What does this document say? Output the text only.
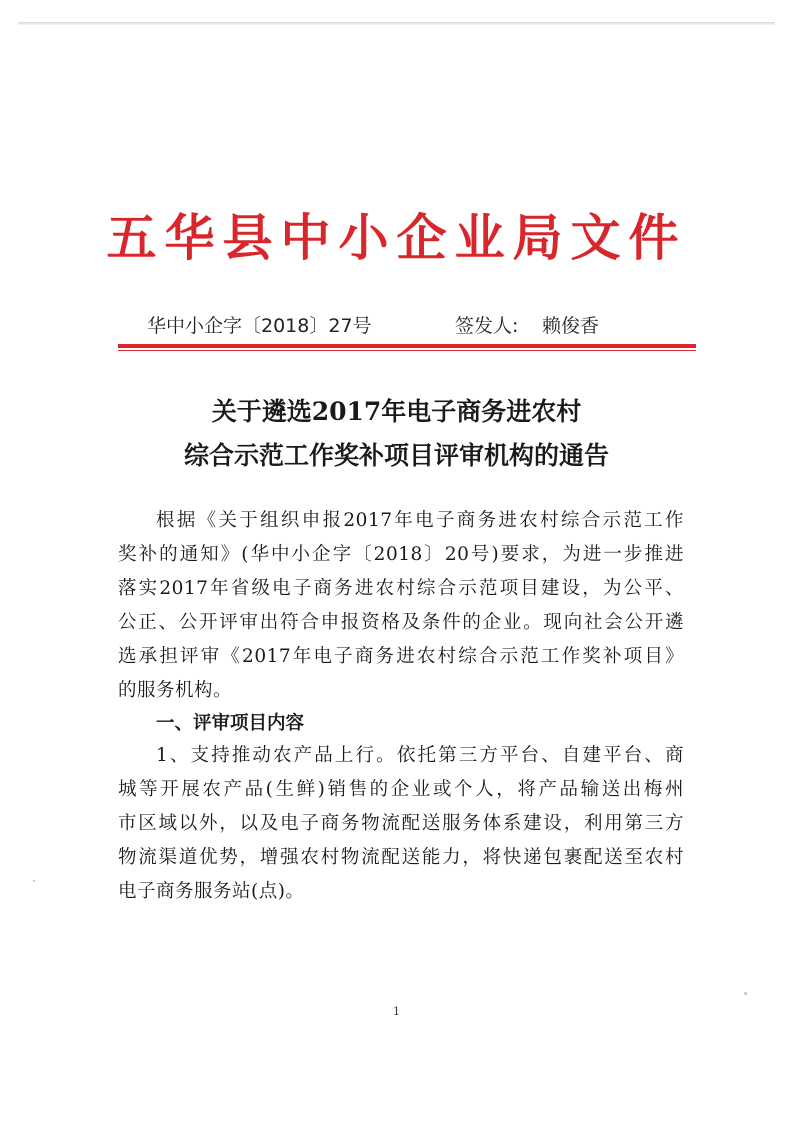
五华县中小企业局文件
华中小企字〔2018〕27号	签发人: 赖俊香
关于遴选2017年电子商务进农村
综合示范工作奖补项目评审机构的通告
根据《关于组织申报2017年电子商务进农村综合示范工作
奖补的通知》(华中小企字〔2018〕20号)要求，为进一步推进
落实2017年省级电子商务进农村综合示范项目建设，为公平、
公正、公开评审出符合申报资格及条件的企业。现向社会公开遴
选承担评审《2017年电子商务进农村综合示范工作奖补项目》
的服务机构。
一、评审项目内容
1、支持推动农产品上行。依托第三方平台、自建平台、商
城等开展农产品(生鲜)销售的企业或个人，将产品输送出梅州
市区域以外，以及电子商务物流配送服务体系建设，利用第三方
物流渠道优势，增强农村物流配送能力，将快递包裹配送至农村
电子商务服务站(点)。
1
